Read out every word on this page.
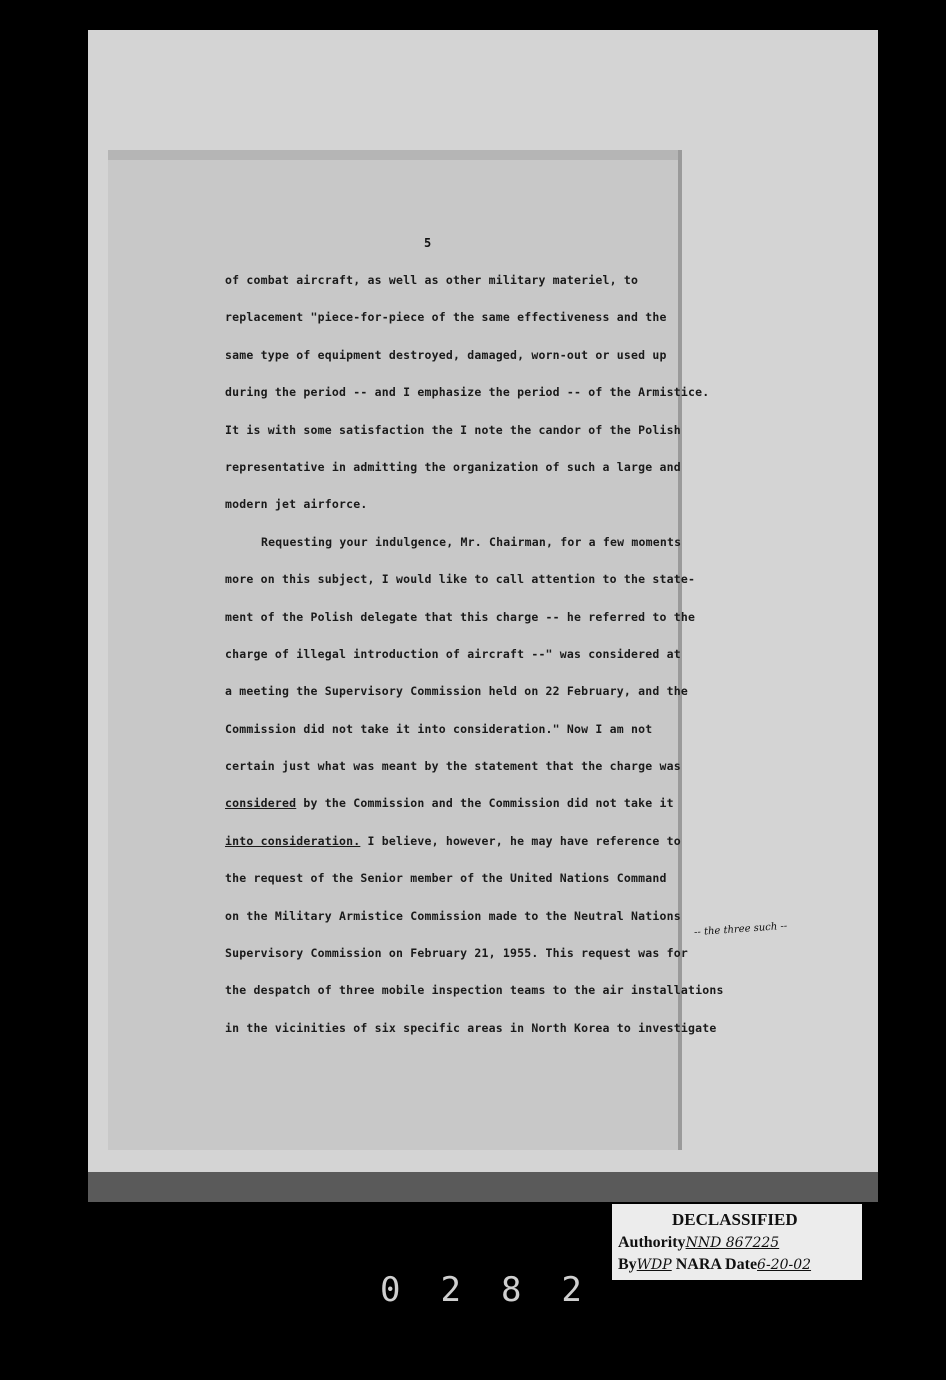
5
of combat aircraft, as well as other military materiel, to
replacement "piece-for-piece of the same effectiveness and the
same type of equipment destroyed, damaged, worn-out or used up
during the period -- and I emphasize the period -- of the Armistice.
It is with some satisfaction the I note the candor of the Polish
representative in admitting the organization of such a large and
modern jet airforce.
Requesting your indulgence, Mr. Chairman, for a few moments
more on this subject, I would like to call attention to the state-
ment of the Polish delegate that this charge -- he referred to the
charge of illegal introduction of aircraft --" was considered at
a meeting the Supervisory Commission held on 22 February, and the
Commission did not take it into consideration." Now I am not
certain just what was meant by the statement that the charge was
considered by the Commission and the Commission did not take it
into consideration. I believe, however, he may have reference to
the request of the Senior member of the United Nations Command
on the Military Armistice Commission made to the Neutral Nations
Supervisory Commission on February 21, 1955. This request was for
the despatch of three mobile inspection teams to the air installations
in the vicinities of six specific areas in North Korea to investigate
-- the three such --
DECLASSIFIED
AuthorityNND 867225
ByWDP NARA Date6-20-02
0282
